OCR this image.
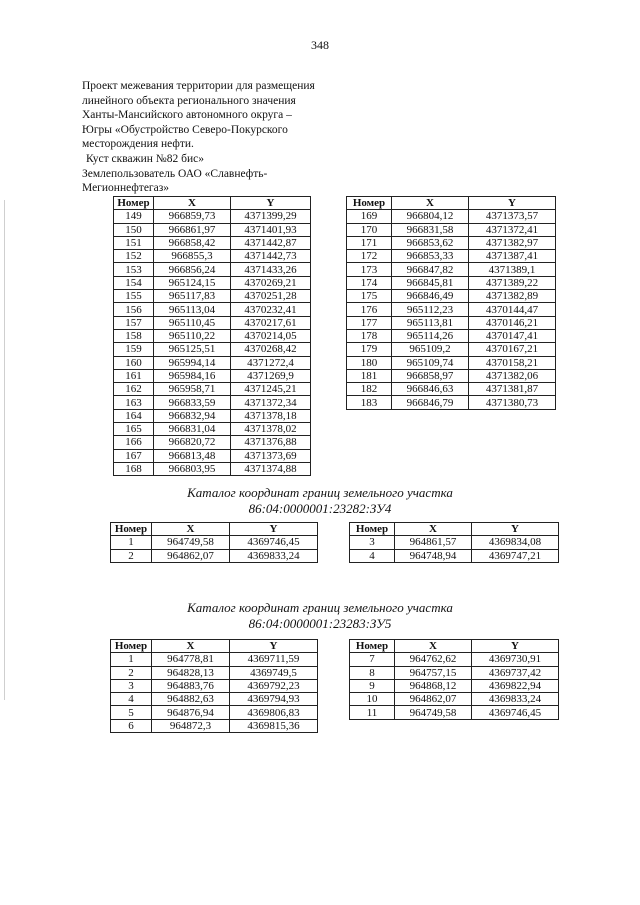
348
Проект межевания территории для размещения
линейного объекта регионального значения
Ханты-Мансийского автономного округа –
Югры «Обустройство Северо-Покурского
месторождения нефти.
Куст скважин №82 бис»
Землепользователь ОАО «Славнефть-
Мегионнефтегаз»
Номер	X	Y
149	966859,73	4371399,29
150	966861,97	4371401,93
151	966858,42	4371442,87
152	966855,3	4371442,73
153	966856,24	4371433,26
154	965124,15	4370269,21
155	965117,83	4370251,28
156	965113,04	4370232,41
157	965110,45	4370217,61
158	965110,22	4370214,05
159	965125,51	4370268,42
160	965994,14	4371272,4
161	965984,16	4371269,9
162	965958,71	4371245,21
163	966833,59	4371372,34
164	966832,94	4371378,18
165	966831,04	4371378,02
166	966820,72	4371376,88
167	966813,48	4371373,69
168	966803,95	4371374,88
Номер	X	Y
169	966804,12	4371373,57
170	966831,58	4371372,41
171	966853,62	4371382,97
172	966853,33	4371387,41
173	966847,82	4371389,1
174	966845,81	4371389,22
175	966846,49	4371382,89
176	965112,23	4370144,47
177	965113,81	4370146,21
178	965114,26	4370147,41
179	965109,2	4370167,21
180	965109,74	4370158,21
181	966858,97	4371382,06
182	966846,63	4371381,87
183	966846,79	4371380,73
Каталог координат границ земельного участка
86:04:0000001:23282:ЗУ4
Номер	X	Y
1	964749,58	4369746,45
2	964862,07	4369833,24
Номер	X	Y
3	964861,57	4369834,08
4	964748,94	4369747,21
Каталог координат границ земельного участка
86:04:0000001:23283:ЗУ5
Номер	X	Y
1	964778,81	4369711,59
2	964828,13	4369749,5
3	964883,76	4369792,23
4	964882,63	4369794,93
5	964876,94	4369806,83
6	964872,3	4369815,36
Номер	X	Y
7	964762,62	4369730,91
8	964757,15	4369737,42
9	964868,12	4369822,94
10	964862,07	4369833,24
11	964749,58	4369746,45
